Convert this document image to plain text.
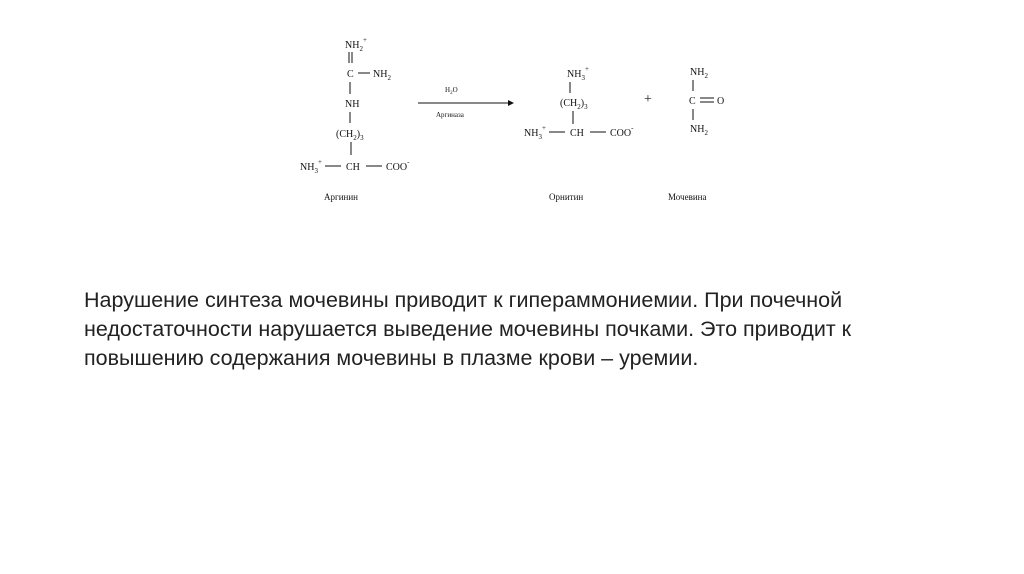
$NH_2^+$
C $NH_2$
NH
$(CH_2)_3$
$NH_3^+$ CH	COO-
Аргинин
$H_2O$
Аргиназа
$NH_3^+$
$(CH_2)_3$
$NH_3^+$ CH	COO-
Орнитин
+
$NH_2$
C O
$NH_2$
Мочевина

Нарушение синтеза мочевины приводит к гипераммониемии. При почечной недостаточности нарушается выведение мочевины почками. Это приводит к повышению содержания мочевины в плазме крови – уремии.
